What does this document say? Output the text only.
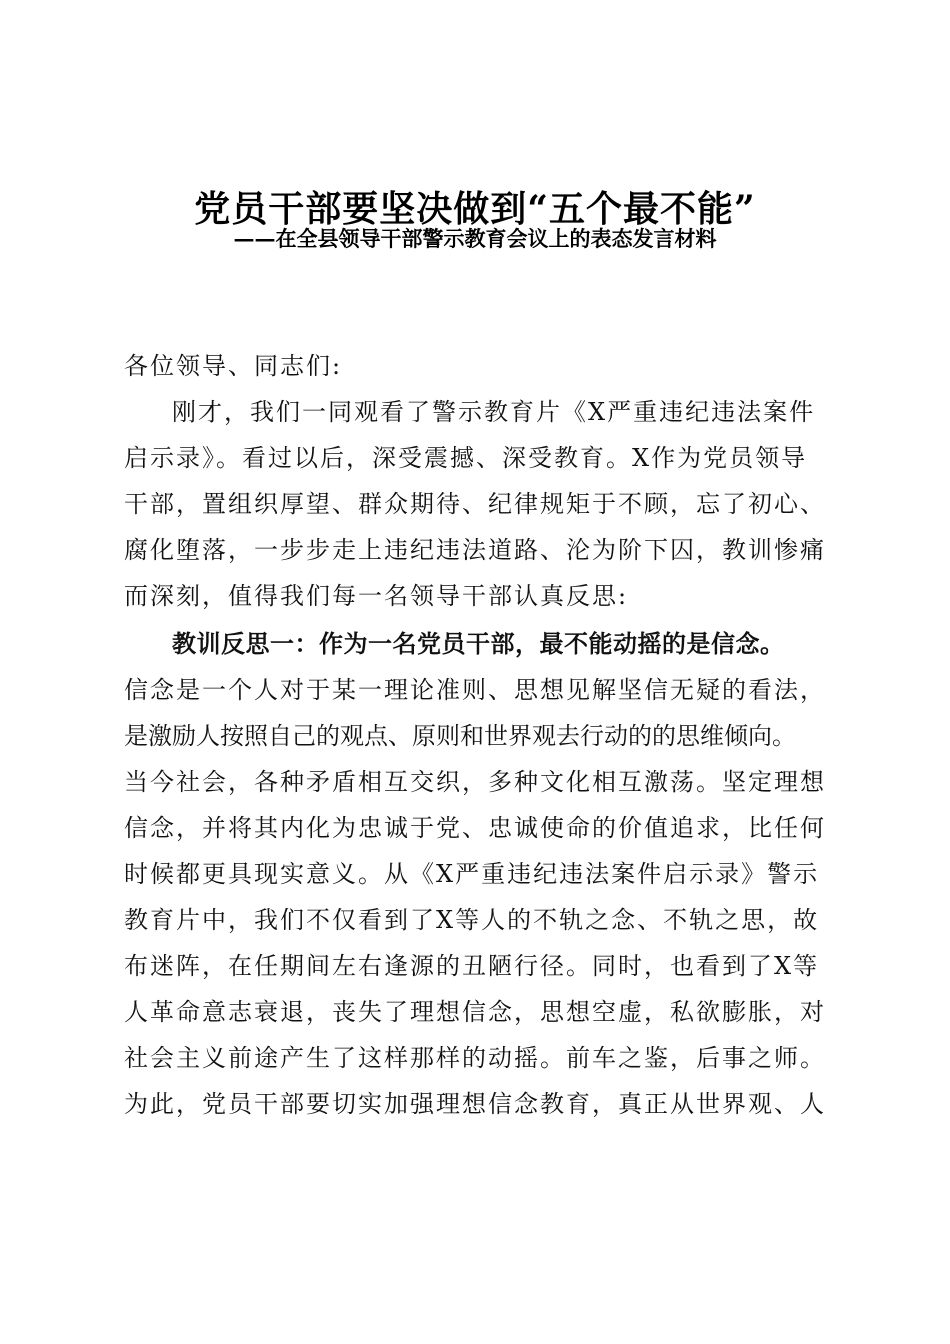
党员干部要坚决做到“五个最不能”
——在全县领导干部警示教育会议上的表态发言材料
各位领导、同志们:
刚才，我们一同观看了警示教育片《X严重违纪违法案件
启示录》。看过以后，深受震撼、深受教育。X作为党员领导
干部，置组织厚望、群众期待、纪律规矩于不顾，忘了初心、
腐化堕落，一步步走上违纪违法道路、沦为阶下囚，教训惨痛
而深刻，值得我们每一名领导干部认真反思:
教训反思一：作为一名党员干部，最不能动摇的是信念。
信念是一个人对于某一理论准则、思想见解坚信无疑的看法，
是激励人按照自己的观点、原则和世界观去行动的的思维倾向。
当今社会，各种矛盾相互交织，多种文化相互激荡。坚定理想
信念，并将其内化为忠诚于党、忠诚使命的价值追求，比任何
时候都更具现实意义。从《X严重违纪违法案件启示录》警示
教育片中，我们不仅看到了X等人的不轨之念、不轨之思，故
布迷阵，在任期间左右逢源的丑陋行径。同时，也看到了X等
人革命意志衰退，丧失了理想信念，思想空虚，私欲膨胀，对
社会主义前途产生了这样那样的动摇。前车之鉴，后事之师。
为此，党员干部要切实加强理想信念教育，真正从世界观、人
